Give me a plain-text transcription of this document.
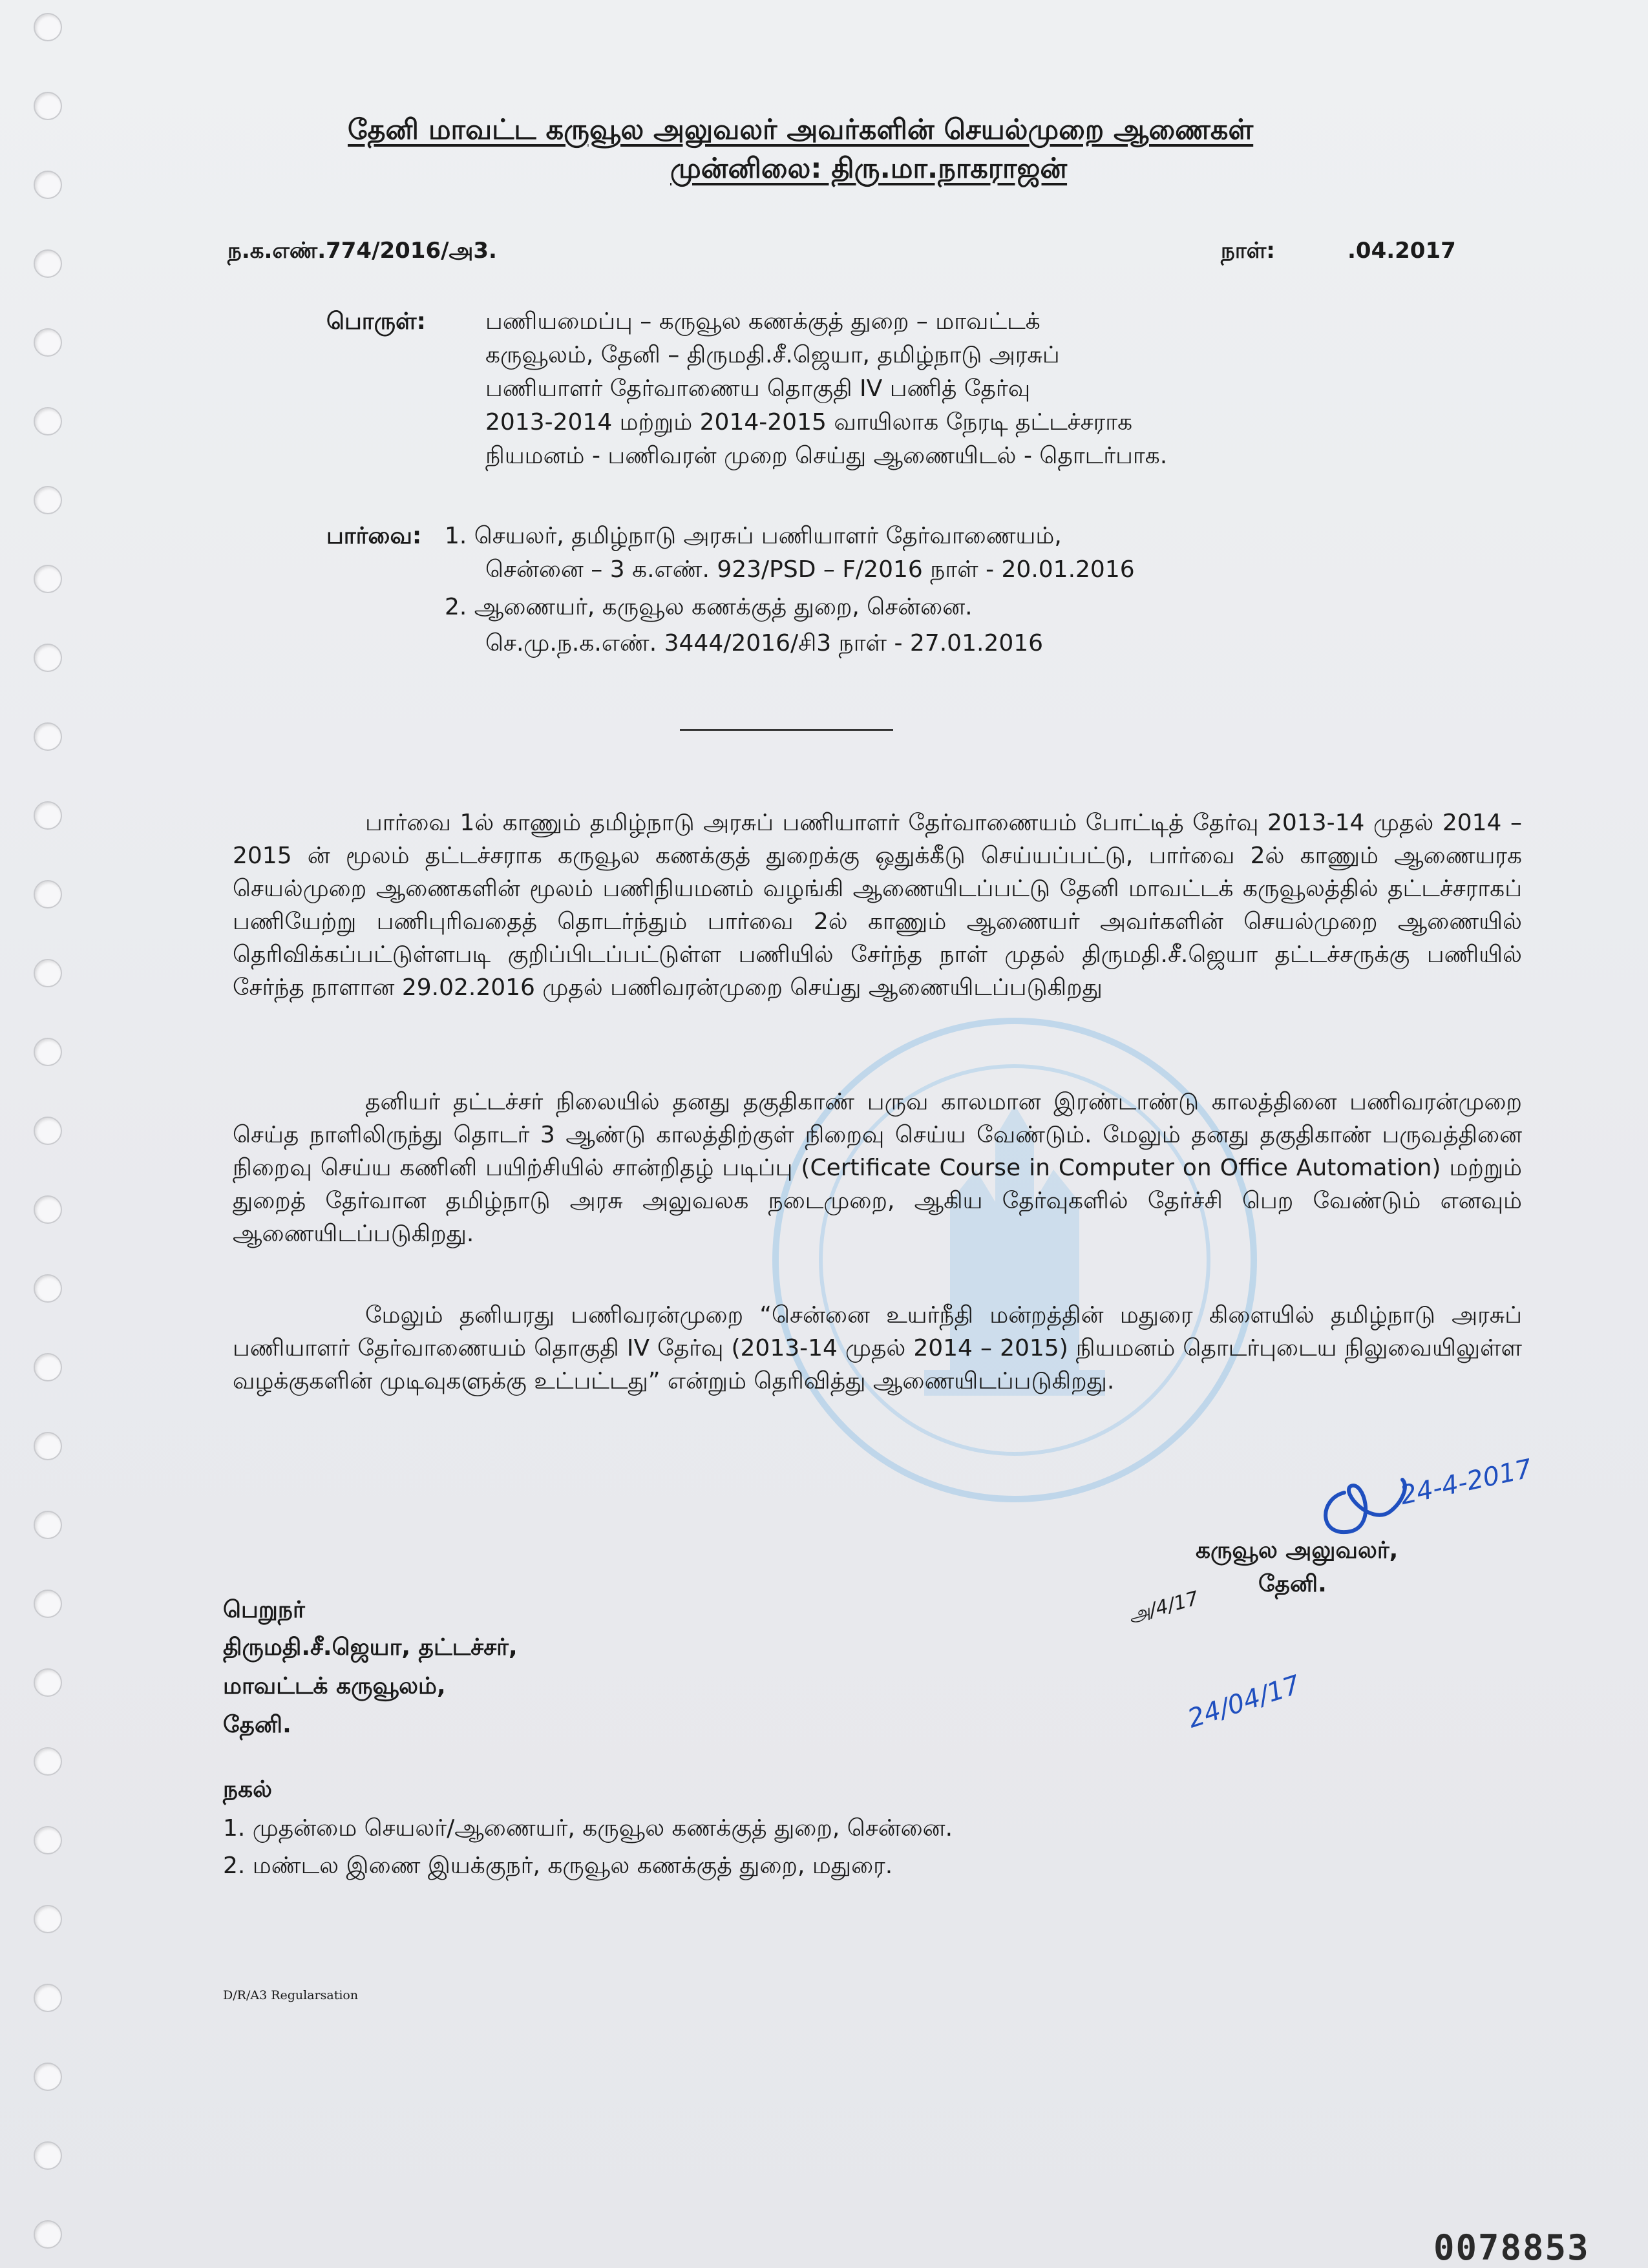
தேனி மாவட்ட கருவூல அலுவலர் அவர்களின் செயல்முறை ஆணைகள்
முன்னிலை: திரு.மா.நாகராஜன்
ந.க.எண்.774/2016/அ3.	நாள்:	.04.2017
பொருள்:	பணியமைப்பு – கருவூல கணக்குத் துறை – மாவட்டக்
கருவூலம், தேனி – திருமதி.சீ.ஜெயா, தமிழ்நாடு அரசுப்
பணியாளர் தேர்வாணைய தொகுதி IV பணித் தேர்வு
2013-2014 மற்றும் 2014-2015 வாயிலாக நேரடி தட்டச்சராக
நியமனம் - பணிவரன் முறை செய்து ஆணையிடல் - தொடர்பாக.
பார்வை: 1. செயலர், தமிழ்நாடு அரசுப் பணியாளர் தேர்வாணையம்,
சென்னை – 3 க.எண். 923/PSD – F/2016 நாள் - 20.01.2016
2. ஆணையர், கருவூல கணக்குத் துறை, சென்னை.
செ.மு.ந.க.எண். 3444/2016/சி3 நாள் - 27.01.2016
பார்வை 1ல் காணும் தமிழ்நாடு அரசுப் பணியாளர் தேர்வாணையம் போட்டித் தேர்வு 2013-14 முதல் 2014 – 2015 ன் மூலம் தட்டச்சராக கருவூல கணக்குத் துறைக்கு ஒதுக்கீடு செய்யப்பட்டு, பார்வை 2ல் காணும் ஆணையரக செயல்முறை ஆணைகளின் மூலம் பணிநியமனம் வழங்கி ஆணையிடப்பட்டு தேனி மாவட்டக் கருவூலத்தில் தட்டச்சராகப் பணியேற்று பணிபுரிவதைத் தொடர்ந்தும் பார்வை 2ல் காணும் ஆணையர் அவர்களின் செயல்முறை ஆணையில் தெரிவிக்கப்பட்டுள்ளபடி குறிப்பிடப்பட்டுள்ள பணியில் சேர்ந்த நாள் முதல் திருமதி.சீ.ஜெயா தட்டச்சருக்கு பணியில் சேர்ந்த நாளான 29.02.2016 முதல் பணிவரன்முறை செய்து ஆணையிடப்படுகிறது
தனியர் தட்டச்சர் நிலையில் தனது தகுதிகாண் பருவ காலமான இரண்டாண்டு காலத்தினை பணிவரன்முறை செய்த நாளிலிருந்து தொடர் 3 ஆண்டு காலத்திற்குள் நிறைவு செய்ய வேண்டும். மேலும் தனது தகுதிகாண் பருவத்தினை நிறைவு செய்ய கணினி பயிற்சியில் சான்றிதழ் படிப்பு (Certificate Course in Computer on Office Automation) மற்றும் துறைத் தேர்வான தமிழ்நாடு அரசு அலுவலக நடைமுறை, ஆகிய தேர்வுகளில் தேர்ச்சி பெற வேண்டும் எனவும் ஆணையிடப்படுகிறது.
மேலும் தனியரது பணிவரன்முறை “சென்னை உயர்நீதி மன்றத்தின் மதுரை கிளையில் தமிழ்நாடு அரசுப் பணியாளர் தேர்வாணையம் தொகுதி IV தேர்வு (2013-14 முதல் 2014 – 2015) நியமனம் தொடர்புடைய நிலுவையிலுள்ள வழக்குகளின் முடிவுகளுக்கு உட்பட்டது” என்றும் தெரிவித்து ஆணையிடப்படுகிறது.
24-4-2017
கருவூல அலுவலர்,
தேனி.
அ/4/17
24/04/17
பெறுநர்
திருமதி.சீ.ஜெயா, தட்டச்சர்,
மாவட்டக் கருவூலம்,
தேனி.
நகல்
1. முதன்மை செயலர்/ஆணையர், கருவூல கணக்குத் துறை, சென்னை.
2. மண்டல இணை இயக்குநர், கருவூல கணக்குத் துறை, மதுரை.
D/R/A3 Regularsation
0078853
